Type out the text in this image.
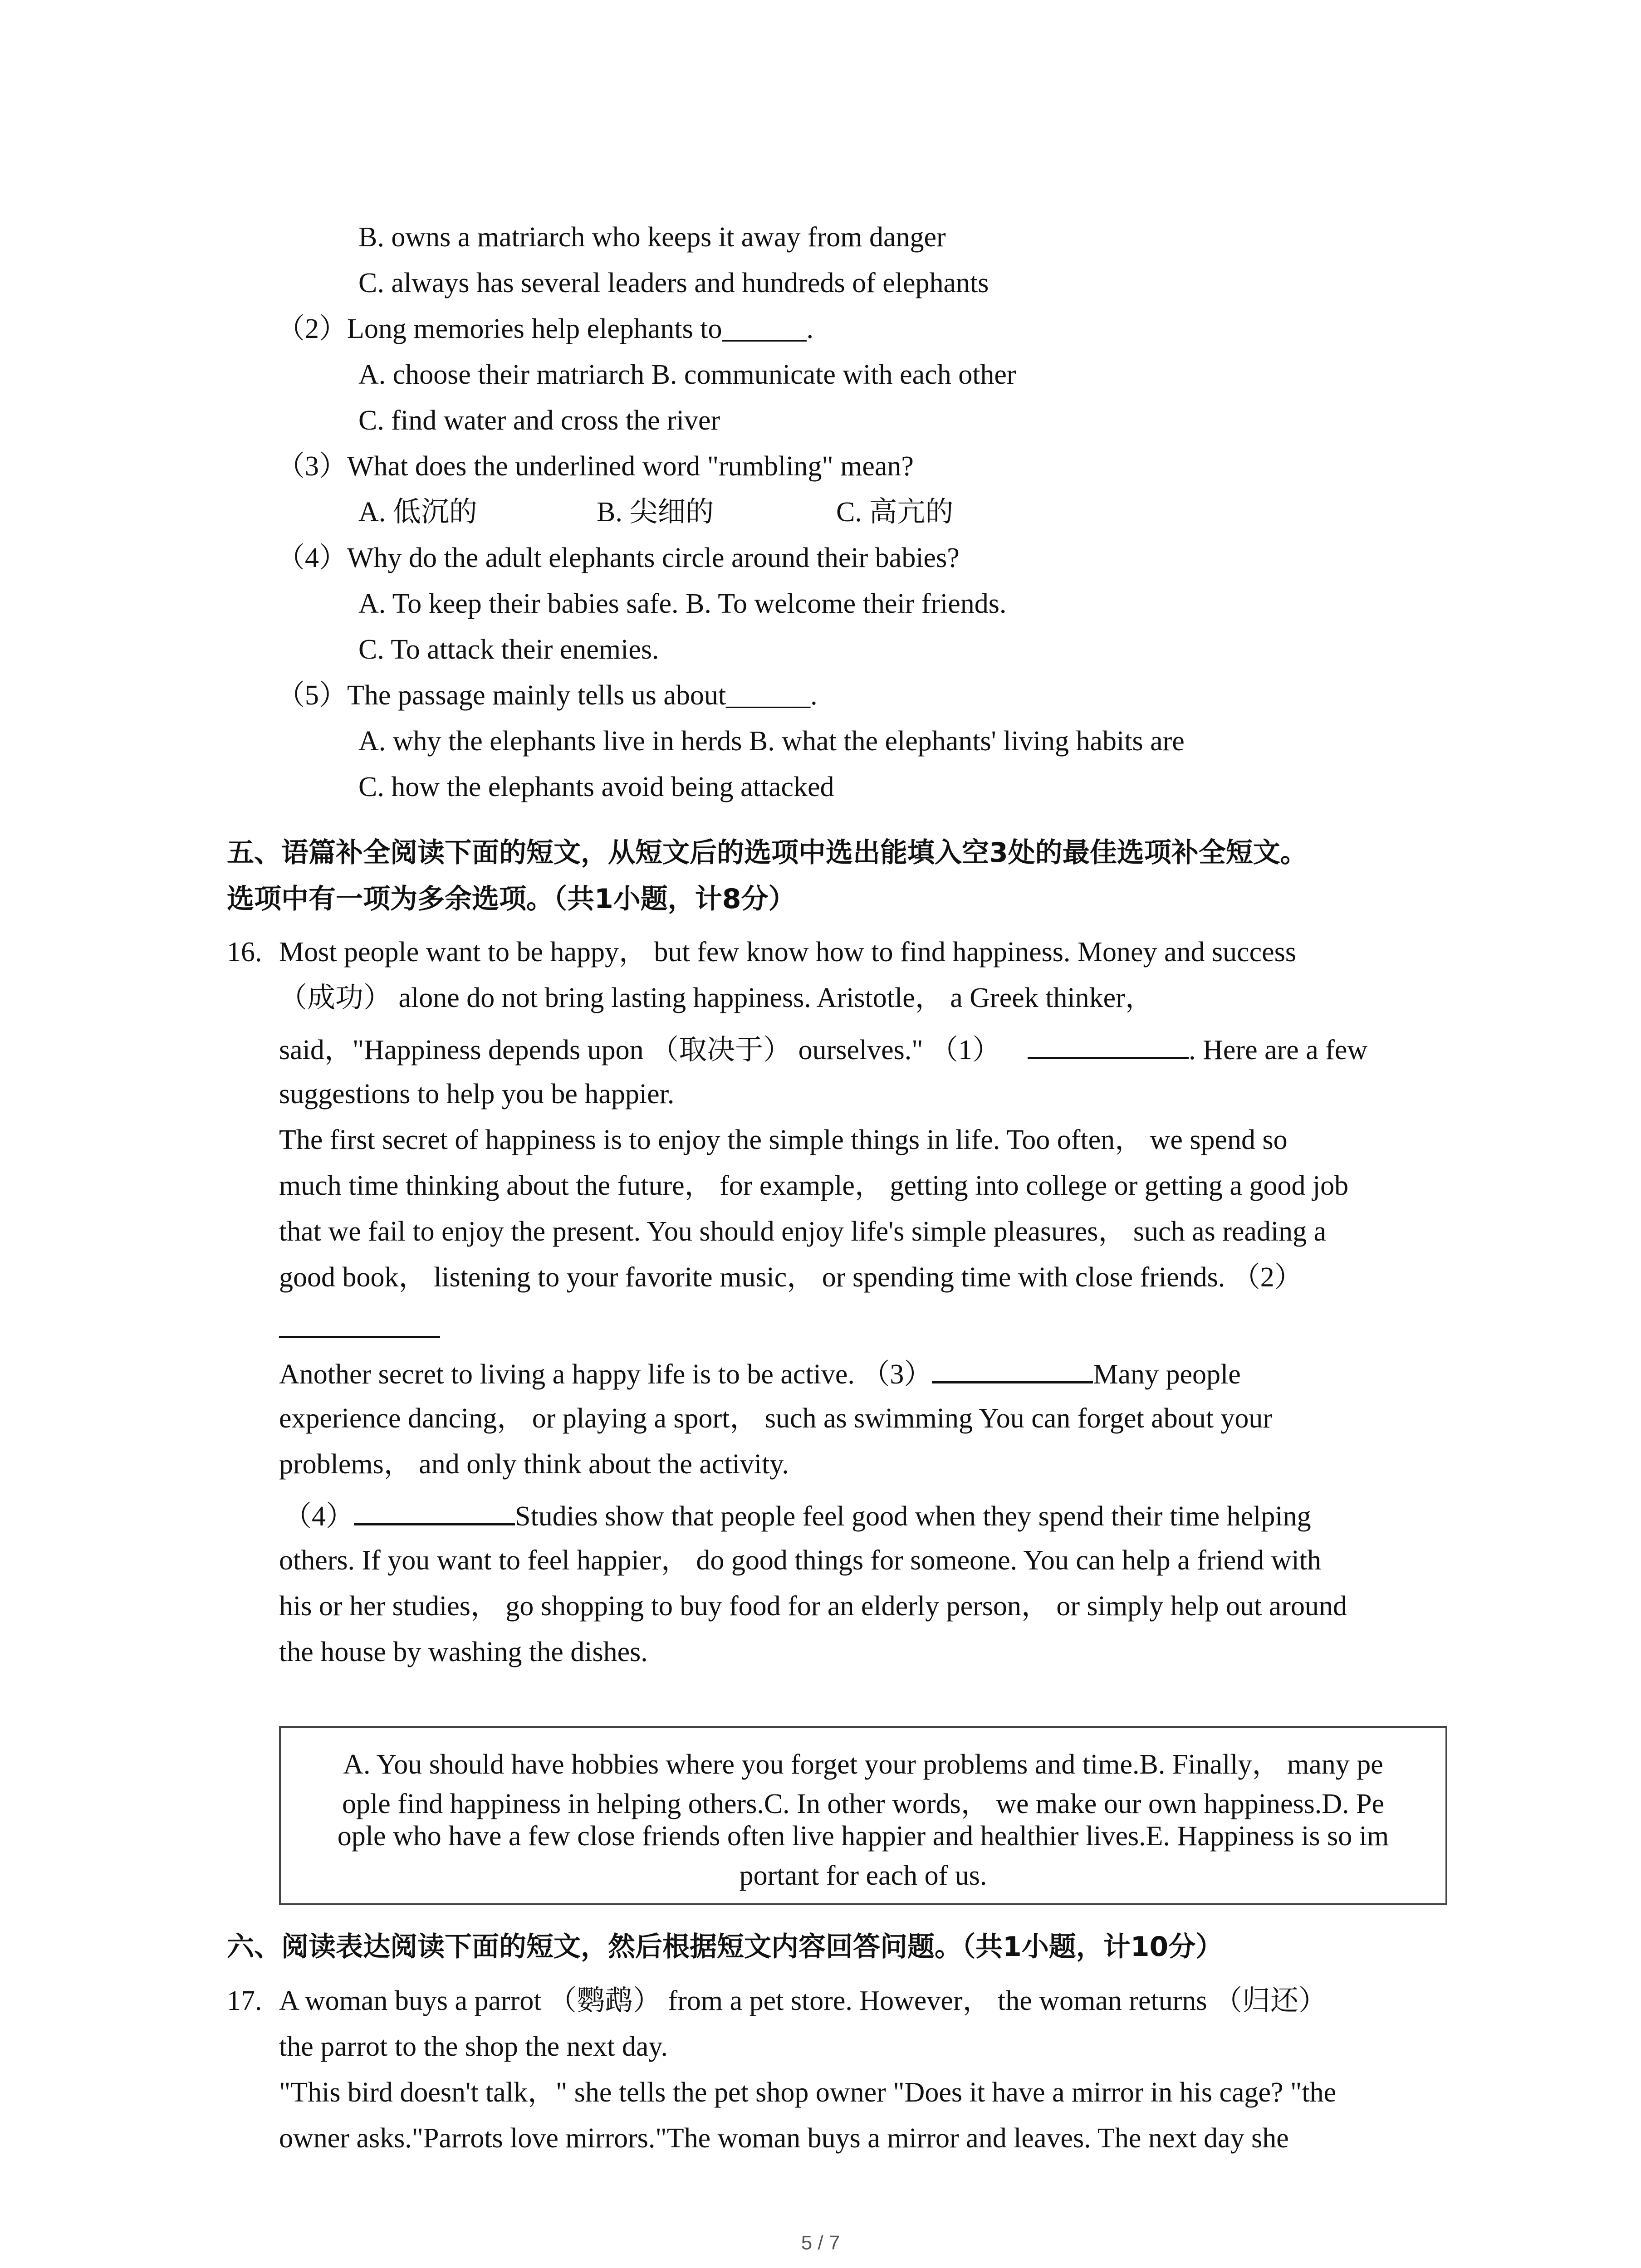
B. owns a matriarch who keeps it away from danger
C. always has several leaders and hundreds of elephants
（2）Long memories help elephants to______.
A. choose their matriarch B. communicate with each other
C. find water and cross the river
（3）What does the underlined word "rumbling" mean?
A. 低沉的	B. 尖细的	C. 高亢的
（4）Why do the adult elephants circle around their babies?
A. To keep their babies safe. B. To welcome their friends.
C. To attack their enemies.
（5）The passage mainly tells us about______.
A. why the elephants live in herds B. what the elephants' living habits are
C. how the elephants avoid being attacked
五、语篇补全阅读下面的短文，从短文后的选项中选出能填入空3处的最佳选项补全短文。
选项中有一项为多余选项。（共1小题，计8分）
16. Most people want to be happy， but few know how to find happiness. Money and success
（成功） alone do not bring lasting happiness. Aristotle， a Greek thinker，
said，"Happiness depends upon （取决于） ourselves." （1）	. Here are a few
suggestions to help you be happier.
The first secret of happiness is to enjoy the simple things in life. Too often， we spend so
much time thinking about the future， for example， getting into college or getting a good job
that we fail to enjoy the present. You should enjoy life's simple pleasures， such as reading a
good book， listening to your favorite music， or spending time with close friends. （2）
Another secret to living a happy life is to be active. （3）	Many people
experience dancing， or playing a sport， such as swimming You can forget about your
problems， and only think about the activity.
（4）	Studies show that people feel good when they spend their time helping
others. If you want to feel happier， do good things for someone. You can help a friend with
his or her studies， go shopping to buy food for an elderly person， or simply help out around
the house by washing the dishes.
A. You should have hobbies where you forget your problems and time.B. Finally， many pe
ople find happiness in helping others.C. In other words， we make our own happiness.D. Pe
ople who have a few close friends often live happier and healthier lives.E. Happiness is so im
portant for each of us.
六、阅读表达阅读下面的短文，然后根据短文内容回答问题。（共1小题，计10分）
17. A woman buys a parrot （鹦鹉） from a pet store. However， the woman returns （归还）
the parrot to the shop the next day.
"This bird doesn't talk，" she tells the pet shop owner "Does it have a mirror in his cage? "the
owner asks."Parrots love mirrors."The woman buys a mirror and leaves. The next day she
5 / 7
